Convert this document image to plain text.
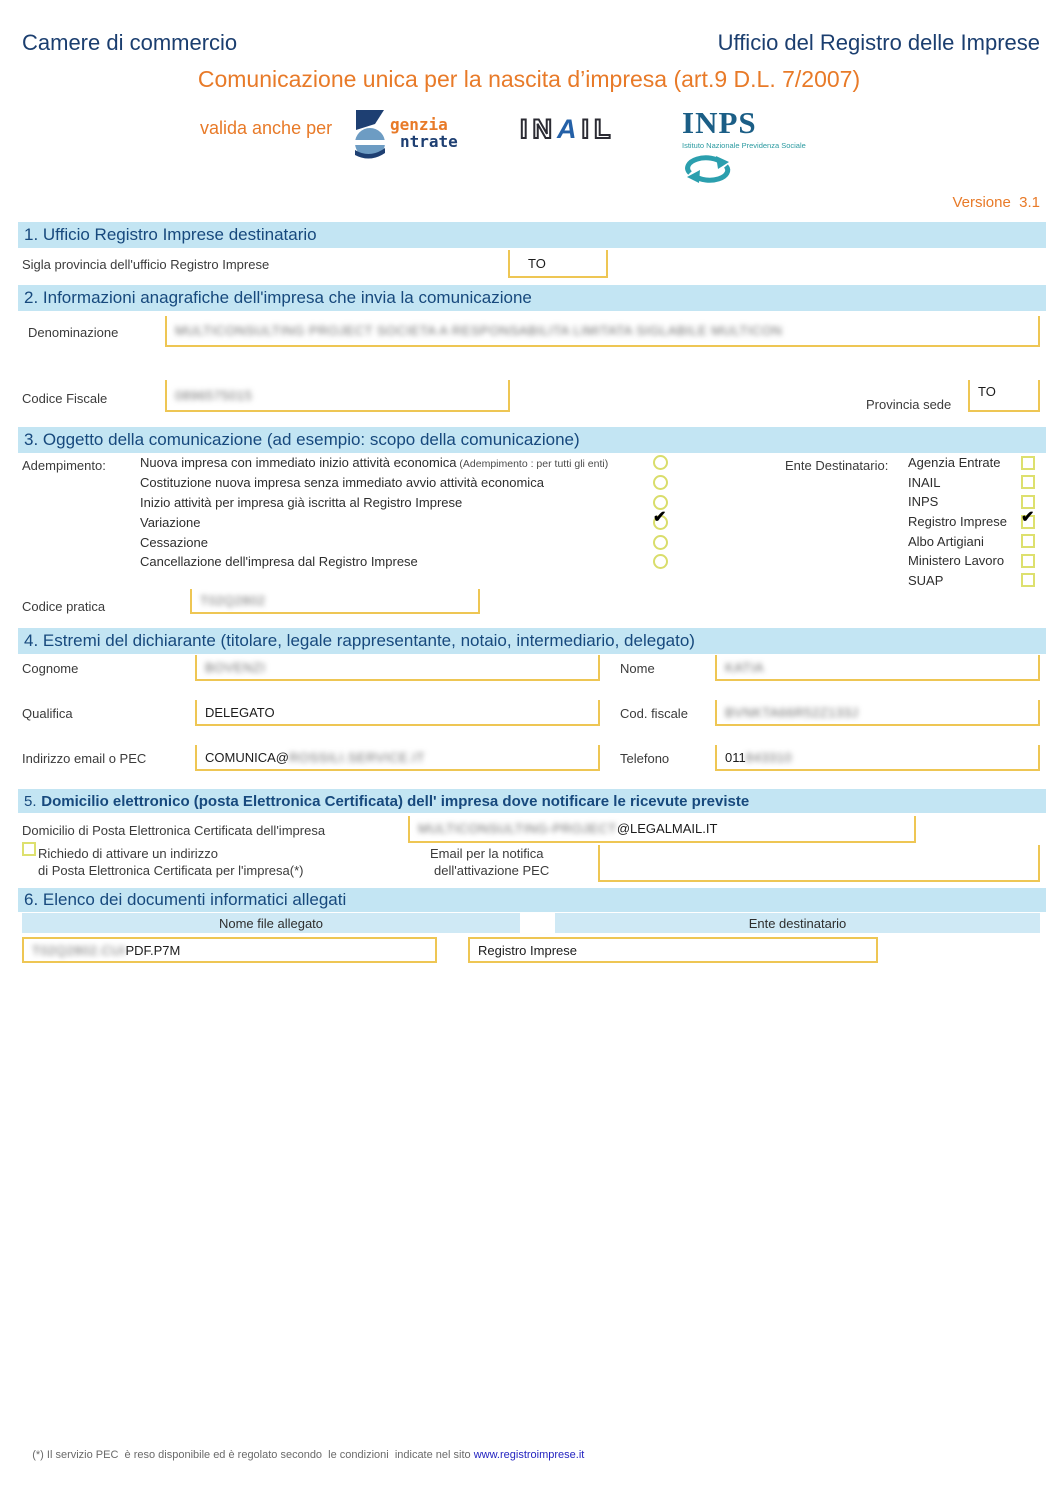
Camere di commercio	Ufficio del Registro delle Imprese
Comunicazione unica per la nascita d’impresa (art.9 D.L. 7/2007)
valida anche per	genzia
ntrate INAIL INPS
Istituto Nazionale Previdenza Sociale
Versione  3.1
1. Ufficio Registro Imprese destinatario
Sigla provincia dell'ufficio Registro Imprese	TO
2. Informazioni anagrafiche dell'impresa che invia la comunicazione
Denominazione	MULTICONSULTING PROJECT SOCIETA A RESPONSABILITA LIMITATA SIGLABILE MULTICON
Codice Fiscale	0896575015
Provincia sede
TO
3. Oggetto della comunicazione (ad esempio: scopo della comunicazione)
Adempimento:	Nuova impresa con immediato inizio attività economica (Adempimento : per tutti gli enti)
Costituzione nuova impresa senza immediato avvio attività economica
Inizio attività per impresa già iscritta al Registro Imprese
Variazione	✔
Cessazione
Cancellazione dell'impresa dal Registro Imprese
Ente Destinatario: Agenzia Entrate
INAIL
INPS
Registro Imprese ✔
Albo Artigiani
Ministero Lavoro
SUAP
Codice pratica	T02Q2802
4. Estremi del dichiarante (titolare, legale rappresentante, notaio, intermediario, delegato)
Cognome	BOVENZI	Nome	KATIA
Qualifica	DELEGATO	Cod. fiscale	BVNKTA66R52Z133J
Indirizzo email o PEC	COMUNICA@ ROSSILI.SERVICE.IT	Telefono	011 843310
5. Domicilio elettronico (posta Elettronica Certificata) dell' impresa dove notificare le ricevute previste
Domicilio di Posta Elettronica Certificata dell'impresa	MULTICONSULTING-PROJECT @LEGALMAIL.IT
Richiedo di attivare un indirizzo
di Posta Elettronica Certificata per l'impresa(*)
Email per la notifica
dell'attivazione PEC
6. Elenco dei documenti informatici allegati
Nome file allegato	Ente destinatario
T02Q2802.CUI PDF.P7M	Registro Imprese

(*) Il servizio PEC  è reso disponibile ed è regolato secondo  le condizioni  indicate nel sito www.registroimprese.it
